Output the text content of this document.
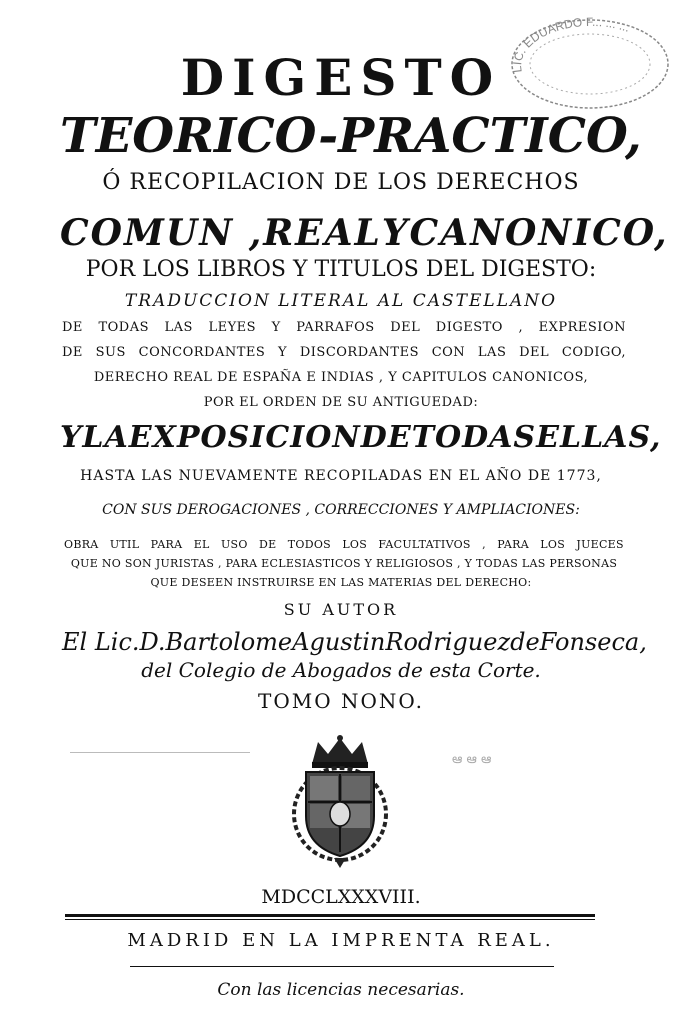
LIC. EDUARDO F... ... ...
DIGESTO
TEORICO-PRACTICO,
Ó RECOPILACION DE LOS DERECHOS
COMUN , REAL Y CANONICO,
POR LOS LIBROS Y TITULOS DEL DIGESTO:
TRADUCCION LITERAL AL CASTELLANO
DE TODAS LAS LEYES Y PARRAFOS DEL DIGESTO , EXPRESION
DE SUS CONCORDANTES Y DISCORDANTES CON LAS DEL CODIGO,
DERECHO REAL DE ESPAÑA E INDIAS , Y CAPITULOS CANONICOS,
POR EL ORDEN DE SU ANTIGUEDAD:
Y LA EXPOSICION DE TODAS ELLAS,
HASTA LAS NUEVAMENTE RECOPILADAS EN EL AÑO DE 1773,
CON SUS DEROGACIONES , CORRECCIONES Y AMPLIACIONES:
OBRA UTIL PARA EL USO DE TODOS LOS FACULTATIVOS , PARA LOS JUECES
QUE NO SON JURISTAS , PARA ECLESIASTICOS Y RELIGIOSOS , Y TODAS LAS PERSONAS
QUE DESEEN INSTRUIRSE EN LAS MATERIAS DEL DERECHO:
SU AUTOR
El Lic. D. Bartolome Agustin Rodriguez de Fonseca,
del Colegio de Abogados de esta Corte.
TOMO NONO.
ఆ ఆ ఆ
MDCCLXXXVIII.
MADRID EN LA IMPRENTA REAL.
Con las licencias necesarias.
